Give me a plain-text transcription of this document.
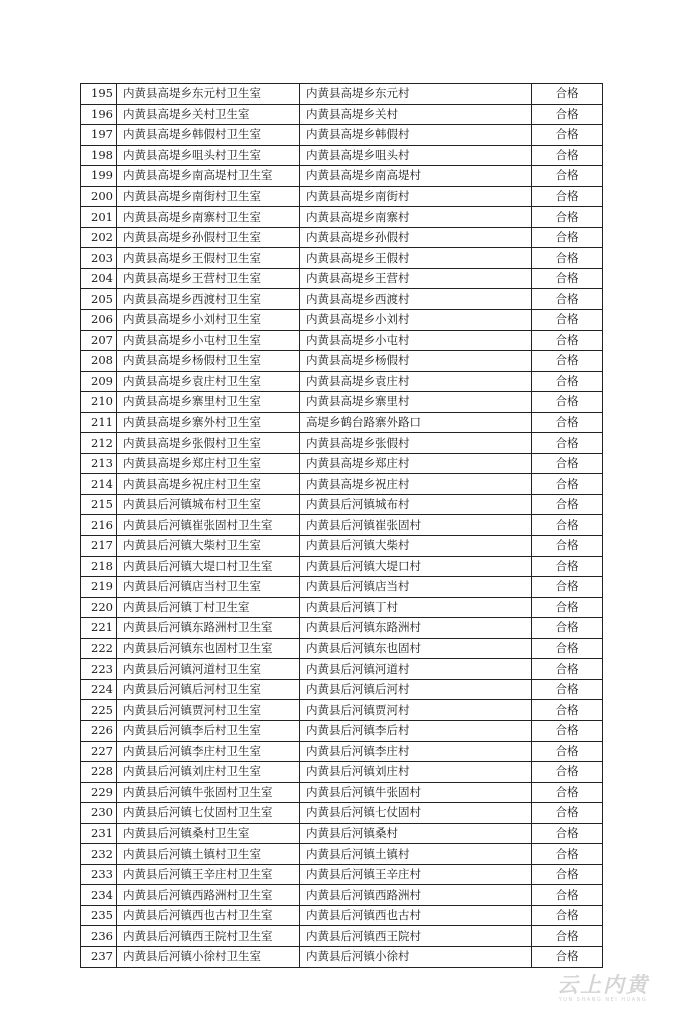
195	内黄县高堤乡东元村卫生室	内黄县高堤乡东元村	合格
196	内黄县高堤乡关村卫生室	内黄县高堤乡关村	合格
197	内黄县高堤乡韩假村卫生室	内黄县高堤乡韩假村	合格
198	内黄县高堤乡咀头村卫生室	内黄县高堤乡咀头村	合格
199	内黄县高堤乡南高堤村卫生室	内黄县高堤乡南高堤村	合格
200	内黄县高堤乡南街村卫生室	内黄县高堤乡南街村	合格
201	内黄县高堤乡南寨村卫生室	内黄县高堤乡南寨村	合格
202	内黄县高堤乡孙假村卫生室	内黄县高堤乡孙假村	合格
203	内黄县高堤乡王假村卫生室	内黄县高堤乡王假村	合格
204	内黄县高堤乡王营村卫生室	内黄县高堤乡王营村	合格
205	内黄县高堤乡西渡村卫生室	内黄县高堤乡西渡村	合格
206	内黄县高堤乡小刘村卫生室	内黄县高堤乡小刘村	合格
207	内黄县高堤乡小屯村卫生室	内黄县高堤乡小屯村	合格
208	内黄县高堤乡杨假村卫生室	内黄县高堤乡杨假村	合格
209	内黄县高堤乡袁庄村卫生室	内黄县高堤乡袁庄村	合格
210	内黄县高堤乡寨里村卫生室	内黄县高堤乡寨里村	合格
211	内黄县高堤乡寨外村卫生室	高堤乡鹤台路寨外路口	合格
212	内黄县高堤乡张假村卫生室	内黄县高堤乡张假村	合格
213	内黄县高堤乡郑庄村卫生室	内黄县高堤乡郑庄村	合格
214	内黄县高堤乡祝庄村卫生室	内黄县高堤乡祝庄村	合格
215	内黄县后河镇城布村卫生室	内黄县后河镇城布村	合格
216	内黄县后河镇崔张固村卫生室	内黄县后河镇崔张固村	合格
217	内黄县后河镇大柴村卫生室	内黄县后河镇大柴村	合格
218	内黄县后河镇大堤口村卫生室	内黄县后河镇大堤口村	合格
219	内黄县后河镇店当村卫生室	内黄县后河镇店当村	合格
220	内黄县后河镇丁村卫生室	内黄县后河镇丁村	合格
221	内黄县后河镇东路洲村卫生室	内黄县后河镇东路洲村	合格
222	内黄县后河镇东也固村卫生室	内黄县后河镇东也固村	合格
223	内黄县后河镇河道村卫生室	内黄县后河镇河道村	合格
224	内黄县后河镇后河村卫生室	内黄县后河镇后河村	合格
225	内黄县后河镇贾河村卫生室	内黄县后河镇贾河村	合格
226	内黄县后河镇李后村卫生室	内黄县后河镇李后村	合格
227	内黄县后河镇李庄村卫生室	内黄县后河镇李庄村	合格
228	内黄县后河镇刘庄村卫生室	内黄县后河镇刘庄村	合格
229	内黄县后河镇牛张固村卫生室	内黄县后河镇牛张固村	合格
230	内黄县后河镇七仗固村卫生室	内黄县后河镇七仗固村	合格
231	内黄县后河镇桑村卫生室	内黄县后河镇桑村	合格
232	内黄县后河镇土镇村卫生室	内黄县后河镇土镇村	合格
233	内黄县后河镇王辛庄村卫生室	内黄县后河镇王辛庄村	合格
234	内黄县后河镇西路洲村卫生室	内黄县后河镇西路洲村	合格
235	内黄县后河镇西也古村卫生室	内黄县后河镇西也古村	合格
236	内黄县后河镇西王院村卫生室	内黄县后河镇西王院村	合格
237	内黄县后河镇小徐村卫生室	内黄县后河镇小徐村	合格
云上内黄
YUN SHANG NEI HUANG
